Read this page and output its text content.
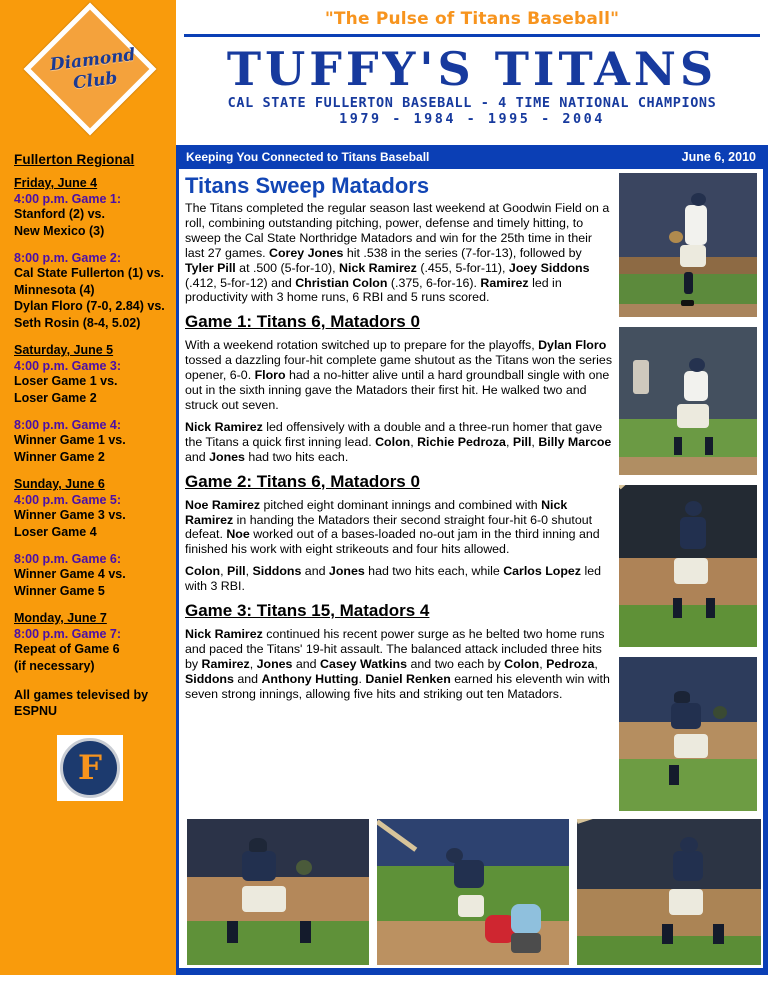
Diamond
Club
Fullerton Regional
Friday, June 4
4:00 p.m. Game 1:
Stanford (2) vs.
New Mexico (3)
8:00 p.m. Game 2:
Cal State Fullerton (1) vs.
Minnesota (4)
Dylan Floro (7-0, 2.84) vs.
Seth Rosin (8-4, 5.02)
Saturday, June 5
4:00 p.m. Game 3:
Loser Game 1 vs.
Loser Game 2
8:00 p.m. Game 4:
Winner Game 1 vs.
Winner Game 2
Sunday, June 6
4:00 p.m. Game 5:
Winner Game 3 vs.
Loser Game 4
8:00 p.m. Game 6:
Winner Game 4 vs.
Winner Game 5
Monday, June 7
8:00 p.m. Game 7:
Repeat of Game 6
(if necessary)
All games televised by ESPNU
F
"The Pulse of Titans Baseball"
TUFFY'S TITANS
CAL STATE FULLERTON BASEBALL - 4 TIME NATIONAL CHAMPIONS
1979 - 1984 - 1995 - 2004
Keeping You Connected to Titans Baseball	June 6, 2010
Titans Sweep Matadors
The Titans completed the regular season last weekend at Goodwin Field on a roll, combining outstanding pitching, power, defense and timely hitting, to sweep the Cal State Northridge Matadors and win for the 25th time in their last 27 games. Corey Jones hit .538 in the series (7-for-13), followed by Tyler Pill at .500 (5-for-10), Nick Ramirez (.455, 5-for-11), Joey Siddons (.412, 5-for-12) and Christian Colon (.375, 6-for-16). Ramirez led in productivity with 3 home runs, 6 RBI and 5 runs scored.
Game 1: Titans 6, Matadors 0
With a weekend rotation switched up to prepare for the playoffs, Dylan Floro tossed a dazzling four-hit complete game shutout as the Titans won the series opener, 6-0. Floro had a no-hitter alive until a hard groundball single with one out in the sixth inning gave the Matadors their first hit. He walked two and struck out seven.
Nick Ramirez led offensively with a double and a three-run homer that gave the Titans a quick first inning lead. Colon, Richie Pedroza, Pill, Billy Marcoe and Jones had two hits each.
Game 2: Titans 6, Matadors 0
Noe Ramirez pitched eight dominant innings and combined with Nick Ramirez in handing the Matadors their second straight four-hit 6-0 shutout defeat. Noe worked out of a bases-loaded no-out jam in the third inning and finished his work with eight strikeouts and four hits allowed.
Colon, Pill, Siddons and Jones had two hits each, while Carlos Lopez led with 3 RBI.
Game 3: Titans 15, Matadors 4
Nick Ramirez continued his recent power surge as he belted two home runs and paced the Titans' 19-hit assault. The balanced attack included three hits by Ramirez, Jones and Casey Watkins and two each by Colon, Pedroza, Siddons and Anthony Hutting. Daniel Renken earned his eleventh win with seven strong innings, allowing five hits and striking out ten Matadors.
